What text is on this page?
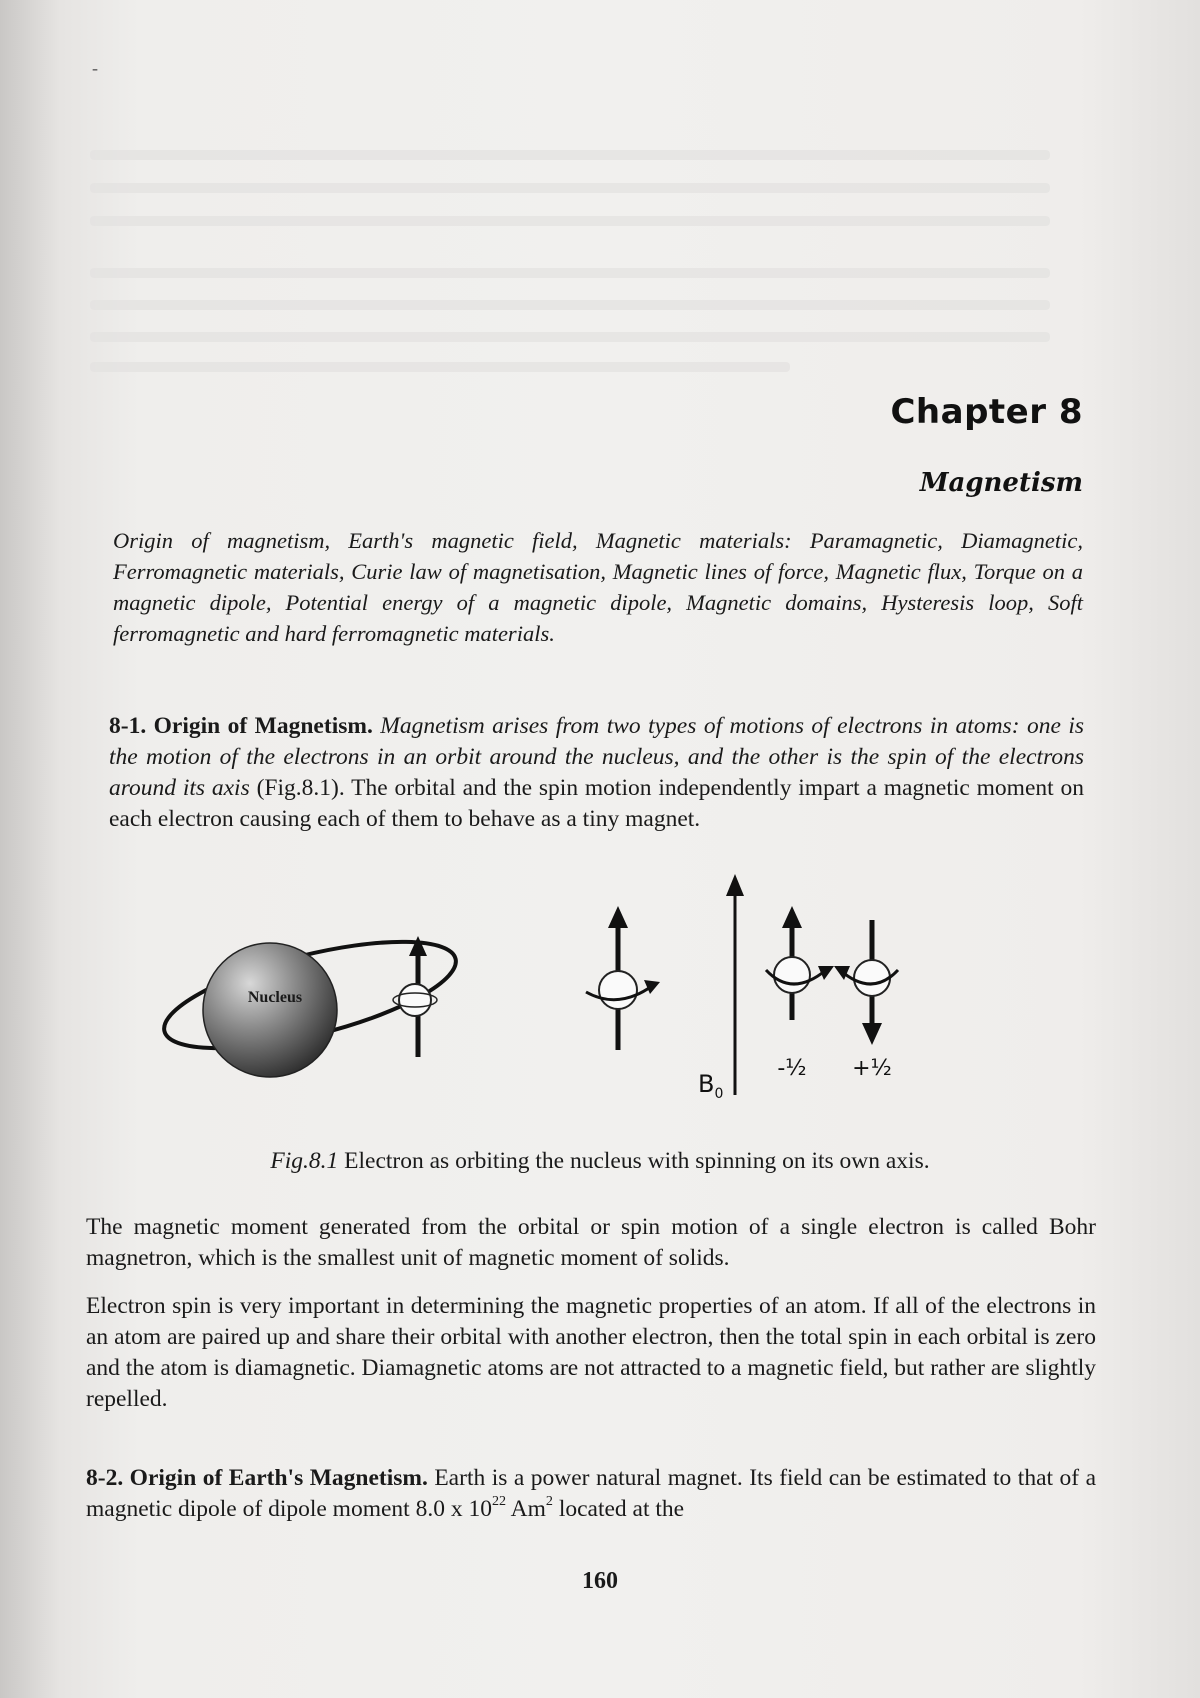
-
Chapter 8
Magnetism
Origin of magnetism, Earth's magnetic field, Magnetic materials: Paramagnetic, Diamagnetic, Ferromagnetic materials, Curie law of magnetisation, Magnetic lines of force, Magnetic flux, Torque on a magnetic dipole, Potential energy of a magnetic dipole, Magnetic domains, Hysteresis loop, Soft ferromagnetic and hard ferromagnetic materials.
8-1. Origin of Magnetism. Magnetism arises from two types of motions of electrons in atoms: one is the motion of the electrons in an orbit around the nucleus, and the other is the spin of the electrons around its axis (Fig.8.1). The orbital and the spin motion independently impart a magnetic moment on each electron causing each of them to behave as a tiny magnet.
Nucleus
$B_0$
-½ +½
Fig.8.1 Electron as orbiting the nucleus with spinning on its own axis.
The magnetic moment generated from the orbital or spin motion of a single electron is called Bohr magnetron, which is the smallest unit of magnetic moment of solids.
Electron spin is very important in determining the magnetic properties of an atom. If all of the electrons in an atom are paired up and share their orbital with another electron, then the total spin in each orbital is zero and the atom is diamagnetic. Diamagnetic atoms are not attracted to a magnetic field, but rather are slightly repelled.
8-2. Origin of Earth's Magnetism. Earth is a power natural magnet. Its field can be estimated to that of a magnetic dipole of dipole moment 8.0 x $10^{22}$ Am$^2$ located at the
160
